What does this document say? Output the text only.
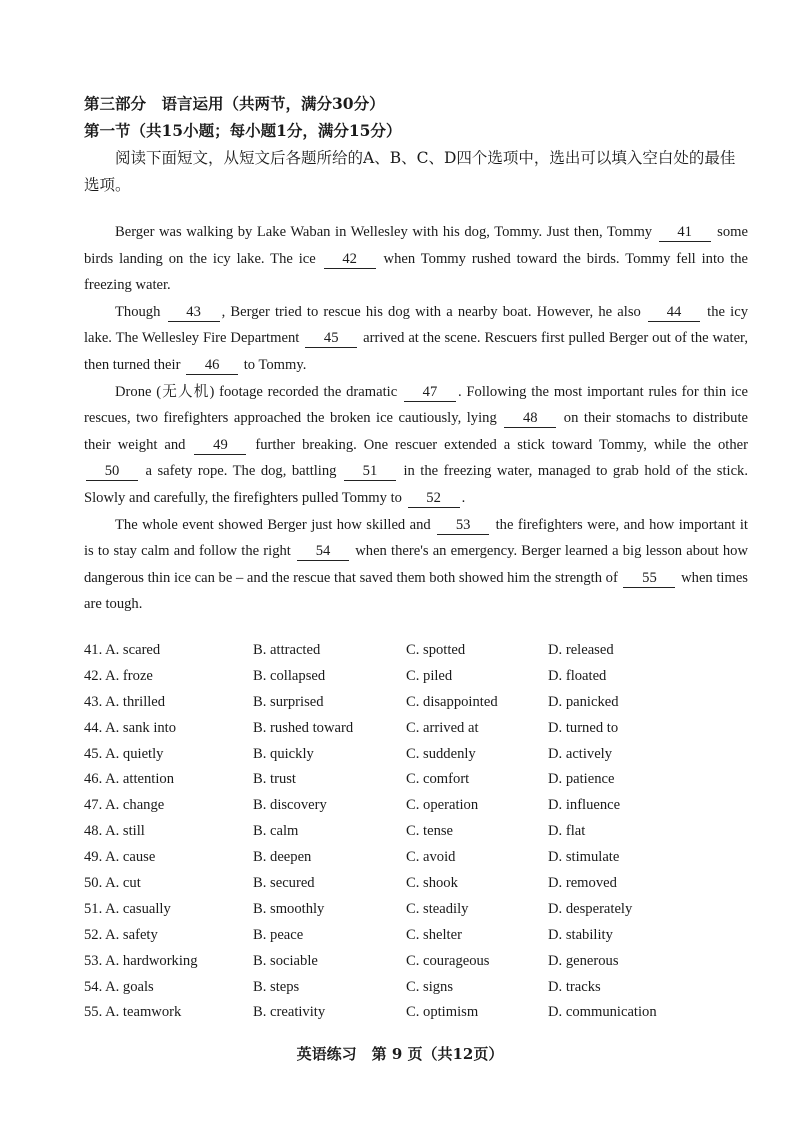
第三部分　语言运用（共两节，满分30分）
第一节（共15小题；每小题1分，满分15分）
阅读下面短文，从短文后各题所给的A、B、C、D四个选项中，选出可以填入空白处的最佳选项。

Berger was walking by Lake Waban in Wellesley with his dog, Tommy. Just then, Tommy 41 some birds landing on the icy lake. The ice 42 when Tommy rushed toward the birds. Tommy fell into the freezing water.

Though 43 , Berger tried to rescue his dog with a nearby boat. However, he also 44 the icy lake. The Wellesley Fire Department 45 arrived at the scene. Rescuers first pulled Berger out of the water, then turned their 46 to Tommy.

Drone (无人机) footage recorded the dramatic 47 . Following the most important rules for thin ice rescues, two firefighters approached the broken ice cautiously, lying 48 on their stomachs to distribute their weight and 49 further breaking. One rescuer extended a stick toward Tommy, while the other 50 a safety rope. The dog, battling 51 in the freezing water, managed to grab hold of the stick. Slowly and carefully, the firefighters pulled Tommy to 52 .

The whole event showed Berger just how skilled and 53 the firefighters were, and how important it is to stay calm and follow the right 54 when there's an emergency. Berger learned a big lesson about how dangerous thin ice can be – and the rescue that saved them both showed him the strength of 55 when times are tough.

41. A. scared	B. attracted	C. spotted	D. released
42. A. froze	B. collapsed	C. piled	D. floated
43. A. thrilled	B. surprised	C. disappointed	D. panicked
44. A. sank into	B. rushed toward	C. arrived at	D. turned to
45. A. quietly	B. quickly	C. suddenly	D. actively
46. A. attention	B. trust	C. comfort	D. patience
47. A. change	B. discovery	C. operation	D. influence
48. A. still	B. calm	C. tense	D. flat
49. A. cause	B. deepen	C. avoid	D. stimulate
50. A. cut	B. secured	C. shook	D. removed
51. A. casually	B. smoothly	C. steadily	D. desperately
52. A. safety	B. peace	C. shelter	D. stability
53. A. hardworking	B. sociable	C. courageous	D. generous
54. A. goals	B. steps	C. signs	D. tracks
55. A. teamwork	B. creativity	C. optimism	D. communication
英语练习　第 9 页（共12页）
